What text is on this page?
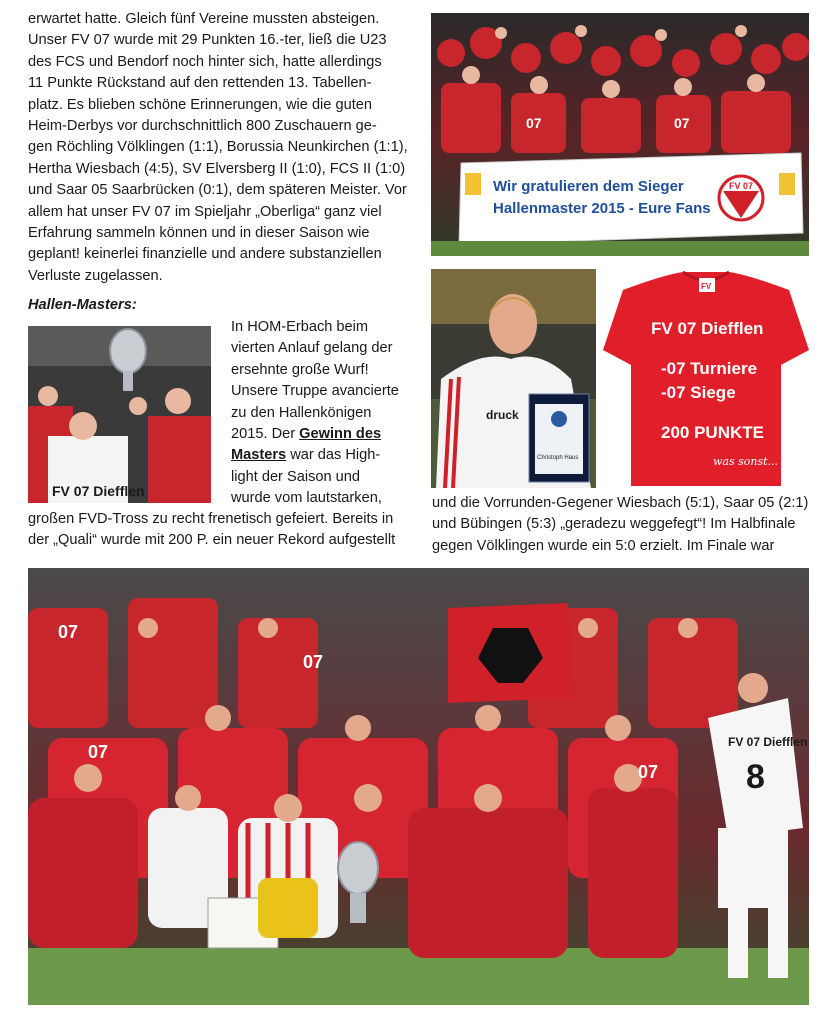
erwartet hatte. Gleich fünf Vereine mussten absteigen.
Unser FV 07 wurde mit 29 Punkten 16.-ter, ließ die U23
des FCS und Bendorf noch hinter sich, hatte allerdings
11 Punkte Rückstand auf den rettenden 13. Tabellen-
platz. Es blieben schöne Erinnerungen, wie die guten
Heim-Derbys vor durchschnittlich 800 Zuschauern ge-
gen Röchling Völklingen (1:1), Borussia Neunkirchen (1:1),
Hertha Wiesbach (4:5), SV Elversberg II (1:0), FCS II (1:0)
und Saar 05 Saarbrücken (0:1), dem späteren Meister. Vor
allem hat unser FV 07 im Spieljahr „Oberliga“ ganz viel
Erfahrung sammeln können und in dieser Saison wie
geplant! keinerlei finanzielle und andere substanziellen
Verluste zugelassen.

Hallen-Masters:

In HOM-Erbach beim
vierten Anlauf gelang der
ersehnte große Wurf!
Unsere Truppe avancierte
zu den Hallenkönigen
2015. Der Gewinn des
Masters war das High-
light der Saison und
wurde vom lautstarken,
großen FVD-Tross zu recht frenetisch gefeiert. Bereits in
der „Quali“ wurde mit 200 P. ein neuer Rekord aufgestellt
und die Vorrunden-Gegener Wiesbach (5:1), Saar 05 (2:1)
und Bübingen (5:3) „geradezu weggefegt“! Im Halbfinale
gegen Völklingen wurde ein 5:0 erzielt. Im Finale war
07	07
Wir gratulieren dem Sieger
Hallenmaster 2015 - Eure Fans
FV 07
FV 07 Diefflen
druck
Christoph Haus
FV
FV 07 Diefflen
-07 Turniere
-07 Siege
200 PUNKTE
was sonst...
FV 07 Diefflen
8
07
07
07
07
